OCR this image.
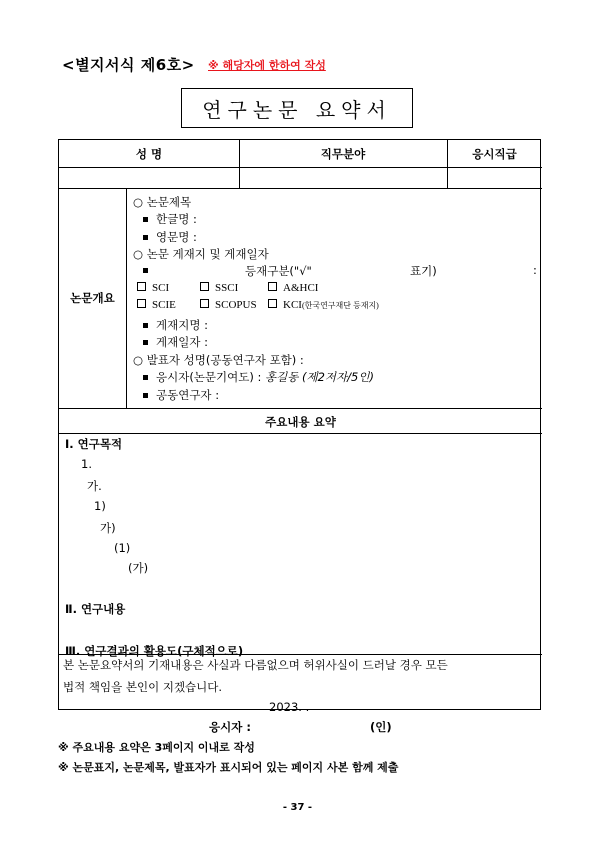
<별지서식 제6호> ※ 해당자에 한하여 작성
연구논문 요약서
성 명	직무분야	응시직급
논문개요
○ 논문제목
한글명 :
영문명 :
○ 논문 게재지 및 게재일자
등재구분("√"	표기)	:
SCI	SSCI	A&HCI
SCIE	SCOPUS	KCI(한국연구재단 등재지)
게재지명 :
게재일자 :
○ 발표자 성명(공동연구자 포함) :
응시자(논문기여도) : 홍길동 (제2저자/5인)
공동연구자 :
주요내용 요약
Ⅰ. 연구목적
1.
가.
1)
가)
(1)
(가)
Ⅱ. 연구내용
Ⅲ. 연구결과의 활용도(구체적으로)
본 논문요약서의 기재내용은 사실과 다름없으며 허위사실이 드러날 경우 모든
법적 책임을 본인이 지겠습니다.
2023. .
응시자 :	(인)
※ 주요내용 요약은 3페이지 이내로 작성
※ 논문표지, 논문제목, 발표자가 표시되어 있는 페이지 사본 함께 제출
- 37 -
